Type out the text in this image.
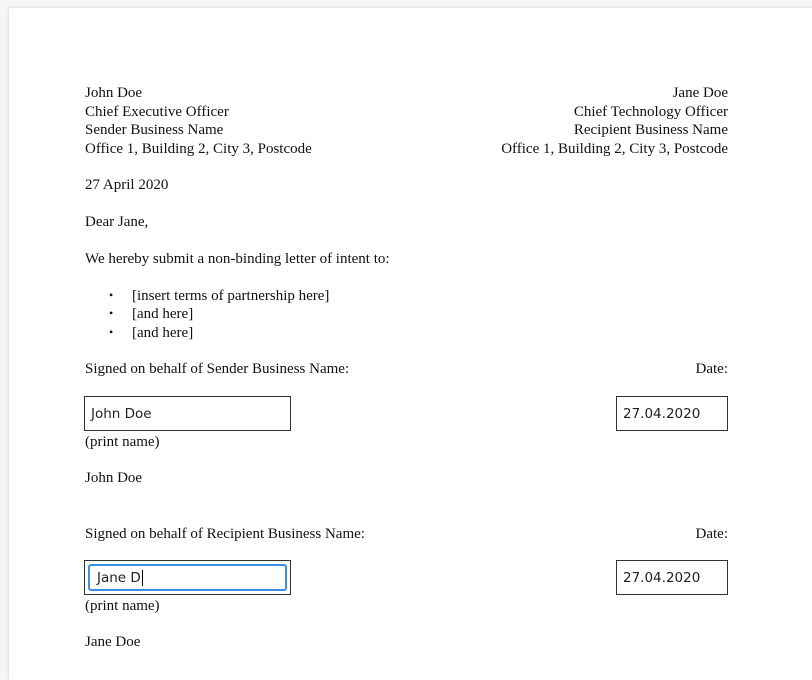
John Doe
Chief Executive Officer
Sender Business Name
Office 1, Building 2, City 3, Postcode
Jane Doe
Chief Technology Officer
Recipient Business Name
Office 1, Building 2, City 3, Postcode
27 April 2020
Dear Jane,
We hereby submit a non-binding letter of intent to:
• [insert terms of partnership here]
• [and here]
• [and here]
Signed on behalf of Sender Business Name:	Date:
John Doe	27.04.2020
(print name)
John Doe
Signed on behalf of Recipient Business Name:	Date:
Jane D	27.04.2020
(print name)
Jane Doe
